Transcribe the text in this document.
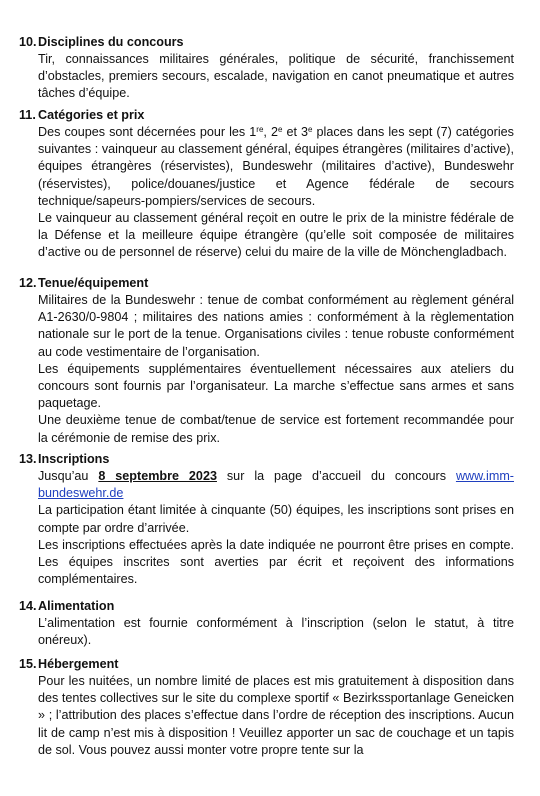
10.Disciplines du concours

Tir, connaissances militaires générales, politique de sécurité, franchissement d’obstacles, premiers secours, escalade, navigation en canot pneumatique et autres tâches d’équipe.

11. Catégories et prix

Des coupes sont décernées pour les 1re, 2e et 3e places dans les sept (7) catégories suivantes : vainqueur au classement général, équipes étrangères (militaires d’active), équipes étrangères (réservistes), Bundeswehr (militaires d’active), Bundeswehr (réservistes), police/douanes/justice et Agence fédérale de secours technique/sapeurs-pompiers/services de secours.

Le vainqueur au classement général reçoit en outre le prix de la ministre fédérale de la Défense et la meilleure équipe étrangère (qu’elle soit composée de militaires d’active ou de personnel de réserve) celui du maire de la ville de Mönchengladbach.

12.Tenue/équipement

Militaires de la Bundeswehr : tenue de combat conformément au règlement général A1-2630/0-9804 ; militaires des nations amies : conformément à la règlementation nationale sur le port de la tenue. Organisations civiles : tenue robuste conformément au code vestimentaire de l’organisation.

Les équipements supplémentaires éventuellement nécessaires aux ateliers du concours sont fournis par l’organisateur. La marche s’effectue sans armes et sans paquetage.

Une deuxième tenue de combat/tenue de service est fortement recommandée pour la cérémonie de remise des prix.

13.Inscriptions

Jusqu’au 8 septembre 2023 sur la page d’accueil du concours www.imm-bundeswehr.de

La participation étant limitée à cinquante (50) équipes, les inscriptions sont prises en compte par ordre d’arrivée.

Les inscriptions effectuées après la date indiquée ne pourront être prises en compte. Les équipes inscrites sont averties par écrit et reçoivent des informations complémentaires.

14.Alimentation

L’alimentation est fournie conformément à l’inscription (selon le statut, à titre onéreux).

15.Hébergement

Pour les nuitées, un nombre limité de places est mis gratuitement à disposition dans des tentes collectives sur le site du complexe sportif « Bezirkssportanlage Geneicken » ; l’attribution des places s’effectue dans l’ordre de réception des inscriptions. Aucun lit de camp n’est mis à disposition ! Veuillez apporter un sac de couchage et un tapis de sol. Vous pouvez aussi monter votre propre tente sur la
